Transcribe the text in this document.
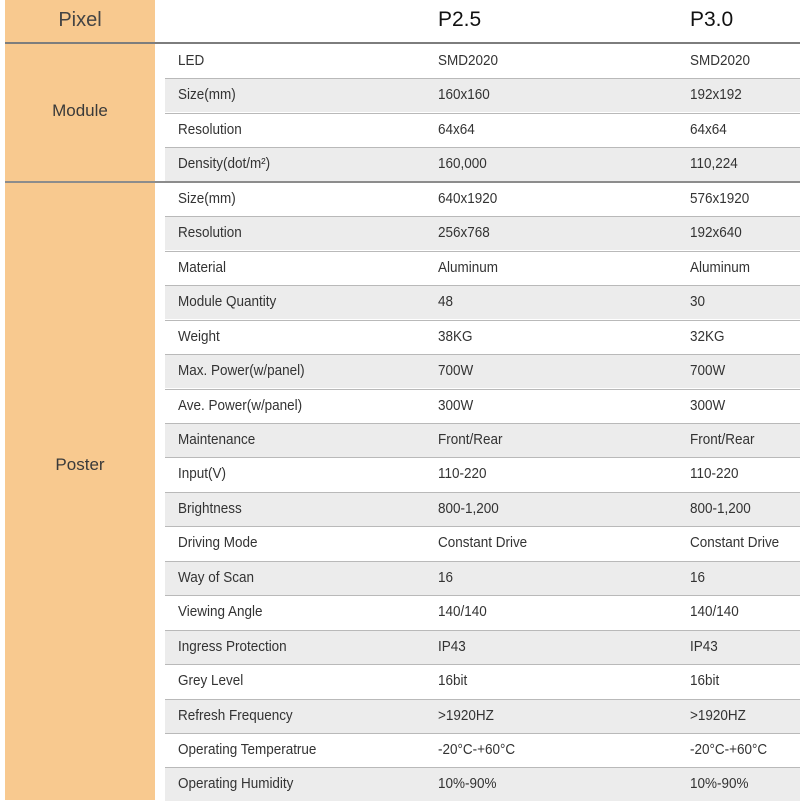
Pixel	P2.5	P3.0
Module
Poster
LED	SMD2020	SMD2020
Size(mm)	160x160	192x192
Resolution	64x64	64x64
Density(dot/m²)	160,000	110,224
Size(mm)	640x1920	576x1920
Resolution	256x768	192x640
Material	Aluminum	Aluminum
Module Quantity	48	30
Weight	38KG	32KG
Max. Power(w/panel)	700W	700W
Ave. Power(w/panel)	300W	300W
Maintenance	Front/Rear	Front/Rear
Input(V)	110-220	110-220
Brightness	800-1,200	800-1,200
Driving Mode	Constant Drive	Constant Drive
Way of Scan	16	16
Viewing Angle	140/140	140/140
Ingress Protection	IP43	IP43
Grey Level	16bit	16bit
Refresh Frequency	>1920HZ	>1920HZ
Operating Temperatrue	-20°C-+60°C	-20°C-+60°C
Operating Humidity	10%-90%	10%-90%
